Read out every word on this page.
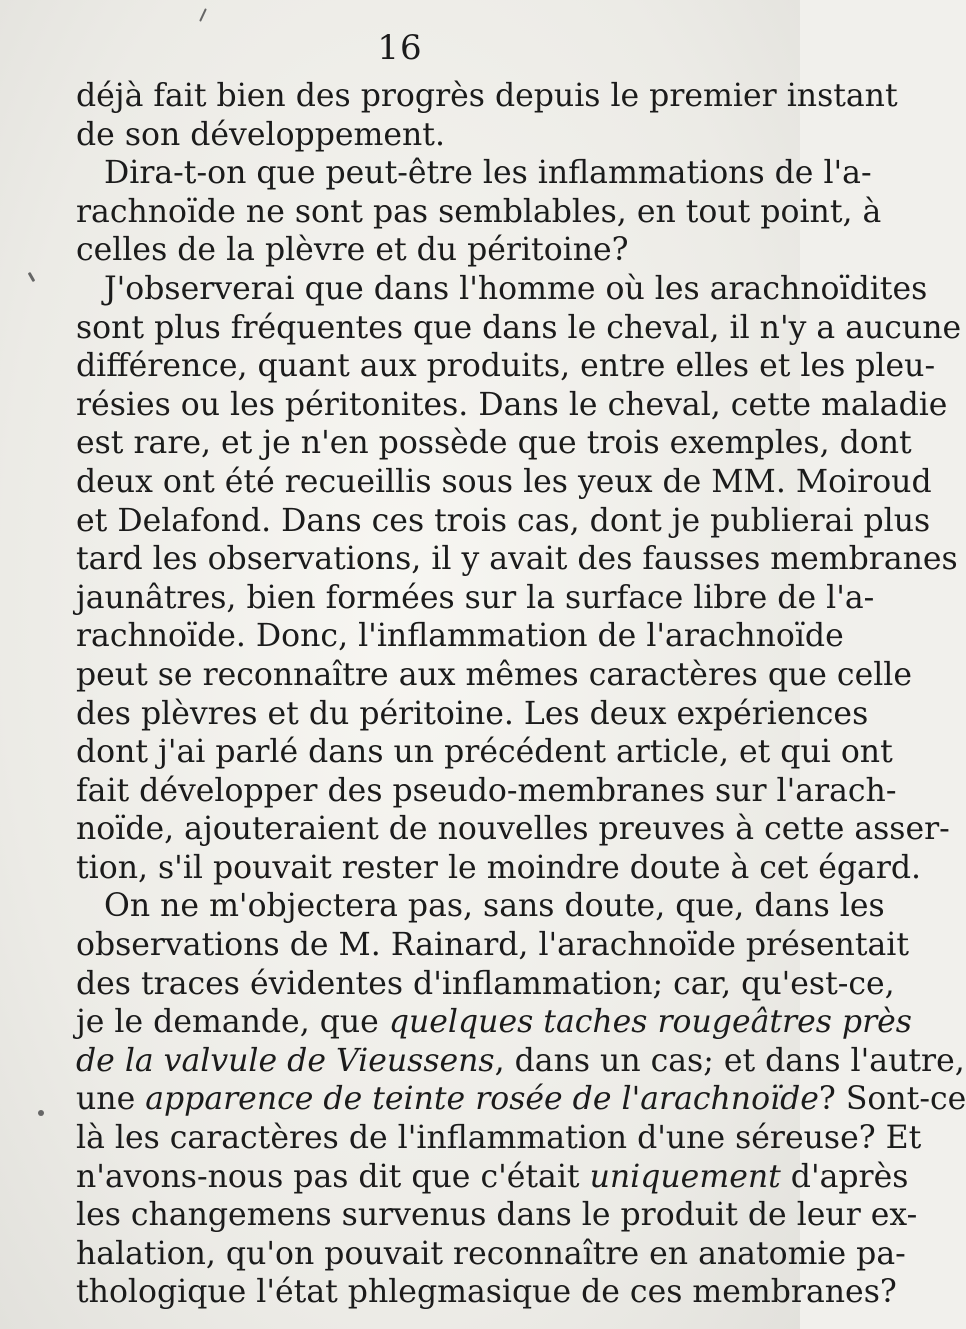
16
déjà fait bien des progrès depuis le premier instant
de son développement.
Dira-t-on que peut-être les inflammations de l'a-
rachnoïde ne sont pas semblables, en tout point, à
celles de la plèvre et du péritoine?
J'observerai que dans l'homme où les arachnoïdites
sont plus fréquentes que dans le cheval, il n'y a aucune
différence, quant aux produits, entre elles et les pleu-
résies ou les péritonites. Dans le cheval, cette maladie
est rare, et je n'en possède que trois exemples, dont
deux ont été recueillis sous les yeux de MM. Moiroud
et Delafond. Dans ces trois cas, dont je publierai plus
tard les observations, il y avait des fausses membranes
jaunâtres, bien formées sur la surface libre de l'a-
rachnoïde. Donc, l'inflammation de l'arachnoïde
peut se reconnaître aux mêmes caractères que celle
des plèvres et du péritoine. Les deux expériences
dont j'ai parlé dans un précédent article, et qui ont
fait développer des pseudo-membranes sur l'arach-
noïde, ajouteraient de nouvelles preuves à cette asser-
tion, s'il pouvait rester le moindre doute à cet égard.
On ne m'objectera pas, sans doute, que, dans les
observations de M. Rainard, l'arachnoïde présentait
des traces évidentes d'inflammation; car, qu'est-ce,
je le demande, que quelques taches rougeâtres près
de la valvule de Vieussens, dans un cas; et dans l'autre,
une apparence de teinte rosée de l'arachnoïde? Sont-ce
là les caractères de l'inflammation d'une séreuse? Et
n'avons-nous pas dit que c'était uniquement d'après
les changemens survenus dans le produit de leur ex-
halation, qu'on pouvait reconnaître en anatomie pa-
thologique l'état phlegmasique de ces membranes?
